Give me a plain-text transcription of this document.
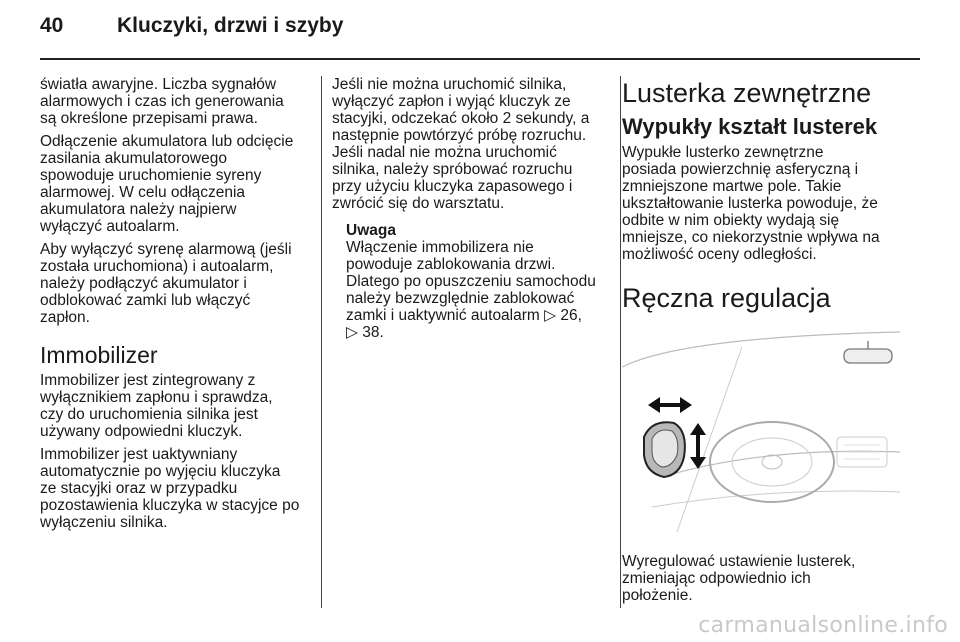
40	Kluczyki, drzwi i szyby

światła awaryjne. Liczba sygnałów
alarmowych i czas ich generowania
są określone przepisami prawa.

Odłączenie akumulatora lub odcięcie
zasilania akumulatorowego
spowoduje uruchomienie syreny
alarmowej. W celu odłączenia
akumulatora należy najpierw
wyłączyć autoalarm.

Aby wyłączyć syrenę alarmową (jeśli
została uruchomiona) i autoalarm,
należy podłączyć akumulator i
odblokować zamki lub włączyć
zapłon.

Immobilizer

Immobilizer jest zintegrowany z
wyłącznikiem zapłonu i sprawdza,
czy do uruchomienia silnika jest
używany odpowiedni kluczyk.

Immobilizer jest uaktywniany
automatycznie po wyjęciu kluczyka
ze stacyjki oraz w przypadku
pozostawienia kluczyka w stacyjce po
wyłączeniu silnika.

Jeśli nie można uruchomić silnika,
wyłączyć zapłon i wyjąć kluczyk ze
stacyjki, odczekać około 2 sekundy, a
następnie powtórzyć próbę rozruchu.
Jeśli nadal nie można uruchomić
silnika, należy spróbować rozruchu
przy użyciu kluczyka zapasowego i
zwrócić się do warsztatu.

Uwaga
Włączenie immobilizera nie
powoduje zablokowania drzwi.
Dlatego po opuszczeniu samochodu
należy bezwzględnie zablokować
zamki i uaktywnić autoalarm ▷ 26,
▷ 38.
Lusterka zewnętrzne
Wypukły kształt lusterek

Wypukłe lusterko zewnętrzne
posiada powierzchnię asferyczną i
zmniejszone martwe pole. Takie
ukształtowanie lusterka powoduje, że
odbite w nim obiekty wydają się
mniejsze, co niekorzystnie wpływa na
możliwość oceny odległości.

Ręczna regulacja

Wyregulować ustawienie lusterek,
zmieniając odpowiednio ich
położenie.

carmanualsonline.info
